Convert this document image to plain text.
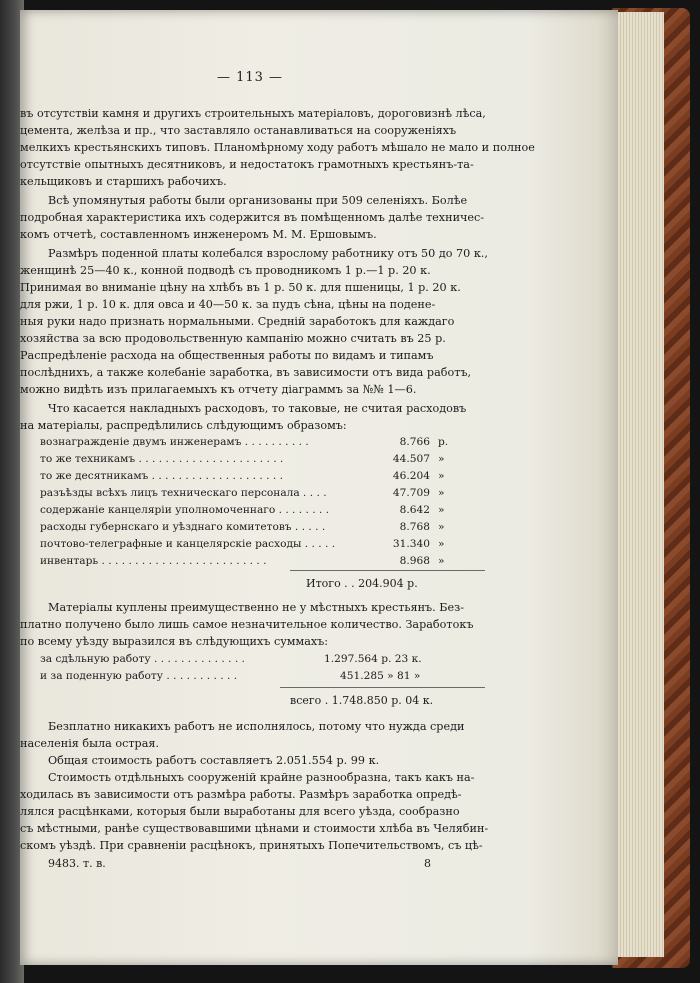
— 113 —
въ отсутствіи камня и другихъ строительныхъ матеріаловъ, дороговизнѣ лѣса,
цемента, желѣза и пр., что заставляло останавливаться на сооруженіяхъ
мелкихъ крестьянскихъ типовъ. Планомѣрному ходу работъ мѣшало не мало и полное
отсутствіе опытныхъ десятниковъ, и недостатокъ грамотныхъ крестьянъ-та-
кельщиковъ и старшихъ рабочихъ.
Всѣ упомянутыя работы были организованы при 509 селеніяхъ. Болѣе
подробная характеристика ихъ содержится въ помѣщенномъ далѣе техничес-
комъ отчетѣ, составленномъ инженеромъ М. М. Ершовымъ.
Размѣръ поденной платы колебался взрослому работнику отъ 50 до 70 к.,
женщинѣ 25—40 к., конной подводѣ съ проводникомъ 1 р.—1 р. 20 к.
Принимая во вниманіе цѣну на хлѣбъ въ 1 р. 50 к. для пшеницы, 1 р. 20 к.
для ржи, 1 р. 10 к. для овса и 40—50 к. за пудъ сѣна, цѣны на подене-
ныя руки надо признать нормальными. Средній заработокъ для каждаго
хозяйства за всю продовольственную кампанію можно считать въ 25 р.
Распредѣленіе расхода на общественныя работы по видамъ и типамъ
послѣднихъ, а также колебаніе заработка, въ зависимости отъ вида работъ,
можно видѣть изъ прилагаемыхъ къ отчету діаграммъ за №№ 1—6.
Что касается накладныхъ расходовъ, то таковые, не считая расходовъ
на матеріалы, распредѣлились слѣдующимъ образомъ:
вознагражденіе двумъ инженерамъ . . . . . . . . . .	8.766 р.
то же техникамъ . . . . . . . . . . . . . . . . . . . . . .	44.507 »
то же десятникамъ . . . . . . . . . . . . . . . . . . . .	46.204 »
разъѣзды всѣхъ лицъ техническаго персонала . . . .	47.709 »
содержаніе канцеляріи уполномоченнаго . . . . . . . .	8.642 »
расходы губернскаго и уѣзднаго комитетовъ . . . . .	8.768 »
почтово-телеграфные и канцелярскіе расходы . . . . .	31.340 »
инвентарь . . . . . . . . . . . . . . . . . . . . . . . . .	8.968 »
Итого . . 204.904 р.
Матеріалы куплены преимущественно не у мѣстныхъ крестьянъ. Без-
платно получено было лишь самое незначительное количество. Заработокъ
по всему уѣзду выразился въ слѣдующихъ суммахъ:
за сдѣльную работу . . . . . . . . . . . . . .	1.297.564 р. 23 к.
и за поденную работу . . . . . . . . . . .	451.285 » 81 »
всего . 1.748.850 р. 04 к.
Безплатно никакихъ работъ не исполнялось, потому что нужда среди
населенія была острая.
Общая стоимость работъ составляетъ 2.051.554 р. 99 к.
Стоимость отдѣльныхъ сооруженій крайне разнообразна, такъ какъ на-
ходилась въ зависимости отъ размѣра работы. Размѣръ заработка опредѣ-
лялся расцѣнками, которыя были выработаны для всего уѣзда, сообразно
съ мѣстными, ранѣе существовавшими цѣнами и стоимости хлѣба въ Челябин-
скомъ уѣздѣ. При сравненіи расцѣнокъ, принятыхъ Попечительствомъ, съ цѣ-
9483. т. в.	8
